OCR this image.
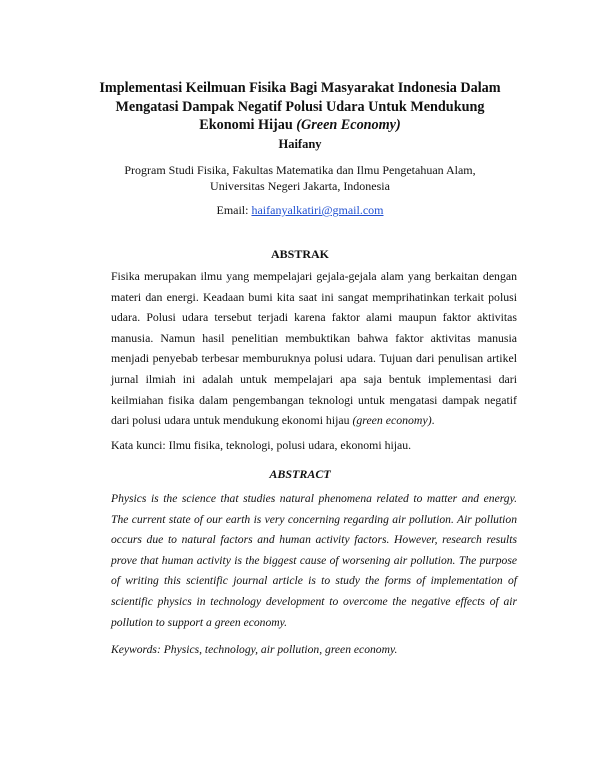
Implementasi Keilmuan Fisika Bagi Masyarakat Indonesia Dalam Mengatasi Dampak Negatif Polusi Udara Untuk Mendukung Ekonomi Hijau (Green Economy)
Haifany
Program Studi Fisika, Fakultas Matematika dan Ilmu Pengetahuan Alam, Universitas Negeri Jakarta, Indonesia
Email: haifanyalkatiri@gmail.com
ABSTRAK

Fisika merupakan ilmu yang mempelajari gejala-gejala alam yang berkaitan dengan materi dan energi. Keadaan bumi kita saat ini sangat memprihatinkan terkait polusi udara. Polusi udara tersebut terjadi karena faktor alami maupun faktor aktivitas manusia. Namun hasil penelitian membuktikan bahwa faktor aktivitas manusia menjadi penyebab terbesar memburuknya polusi udara. Tujuan dari penulisan artikel jurnal ilmiah ini adalah untuk mempelajari apa saja bentuk implementasi dari keilmiahan fisika dalam pengembangan teknologi untuk mengatasi dampak negatif dari polusi udara untuk mendukung ekonomi hijau (green economy).

Kata kunci: Ilmu fisika, teknologi, polusi udara, ekonomi hijau.
ABSTRACT

Physics is the science that studies natural phenomena related to matter and energy. The current state of our earth is very concerning regarding air pollution. Air pollution occurs due to natural factors and human activity factors. However, research results prove that human activity is the biggest cause of worsening air pollution. The purpose of writing this scientific journal article is to study the forms of implementation of scientific physics in technology development to overcome the negative effects of air pollution to support a green economy.

Keywords: Physics, technology, air pollution, green economy.
